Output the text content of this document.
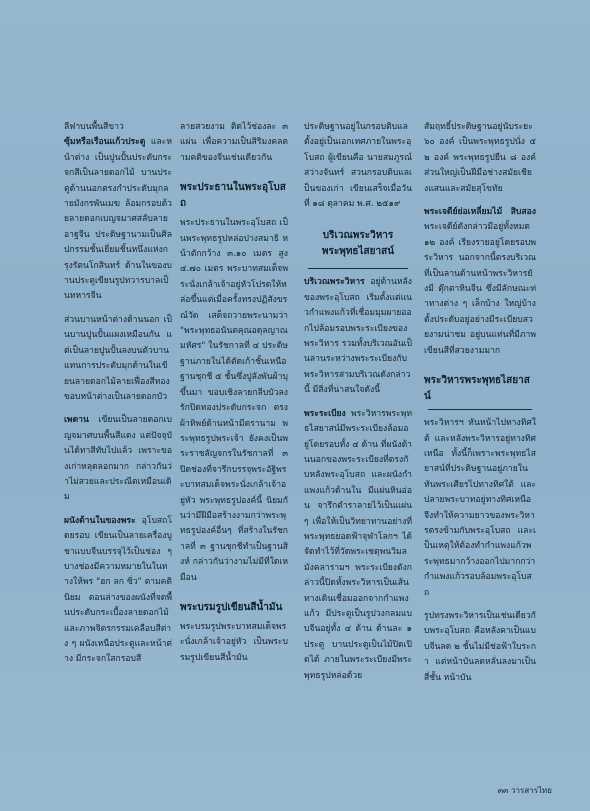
ลีฟาบนพื้นสีขาว

ซุ้มหรือเรือนแก้วประตู และหน้าต่าง เป็นปูนปั้นประดับกระจกสีเป็นลายดอกไม้ บานประตูด้านนอกตรงกำประดับมุกลายมังกรพันเมฆ ล้อมกรอบด้วยลายดอกเบญจมาศสลับลายอาฐจีน ประดิษฐานามเป็นศิลปกรรมชั้นเยี่ยมชิ้นหนึ่งแห่งกรุงรัตนโกสินทร์ ด้านในของบานประตูเขียนรูปทวารบาลเป็นทหารจีน

ส่วนบานหน้าต่างด้านนอก เป็นบานปูนปั้นแผงเหมือนกัน แต่เป็นลายปูนปั้นลงบนตัวบานแทนการประดับมุกด้านในเขียนลายดอกไม้ลายเฟื่องสีทอง ขอบหน้าต่างเป็นลายดอกบัว

เพดาน เขียนเป็นลายดอกเบญจมาศบนพื้นสีแดง แต่ปัจจุบันได้ทาสีทับไปแล้ว เพราะของเก่าหลุดลอกมาก กล่าวกันว่าไม่สวยและประณีตเหมือนเดิม

ผนังด้านในของพระ อุโบสถโดยรอบ เขียนเป็นลายเครื่องบูชาแบบจีนบรรจุไว้เป็นช่อง ๆ บางช่องมีความหมายในในทางให้พร "ฮก ลก ซิ่ว" ตามคตินิยม ตอนล่างของผนังที่จดพื้นประดับกระเบื้องลายดอกไม้และภาพจิตรกรรมเคลือบสีต่าง ๆ ผนังเหนือประตูและหน้าต่าง มีกระจกใสกรอบสี

ลายสวยงาม ติดไว้ช่องละ ๓ แผ่น เพื่อความเป็นสิริมงคลตามคติของจีนเช่นเดียวกัน

พระประธานในพระอุโบสถ

พระประธานในพระอุโบสถ เป็นพระพุทธรูปหล่อปางสมาธิ หน้าตักกว้าง ๓.๑๐ เมตร สูง ๔.๗๐ เมตร พระบาทสมเด็จพระนั่งเกล้าเจ้าอยู่หัวโปรดให้หล่อขึ้นแต่เมื่อครั้งทรงปฏิสังขรณ์วัด เสด็จถวายพระนามว่า "พระพุทธอนันตคุณอดุลญาณมหัศร" ในรัชกาลที่ ๔ ประดิษฐานภายในได้ตัดเก้าชั้นเหนือฐานชุกชี ๕ ชั้นซึ่งปูลังพันผ้าบุขึ้นมา ขอบเชิงลายกลีบบัวลงรักปิดทองประดับกระจก ตรงผ้าทิพย์ด้านหน้ามีตรานาม พระพุทธรูปพระเจ้า ยังคงเป็นพระราชลัญจกรในรัชกาลที่ ๓ ปิดช่องที่จารึกบรรจุพระอัฐิพระบาทสมเด็จพระนั่งเกล้าเจ้าอยู่หัว พระพุทธรูปองค์นี้ นิยมกันว่ามีฝีมือสร้างงามกว่าพระพุทธรูปองค์อื่นๆ ที่สร้างในรัชกาลที่ ๓ ฐานชุกชีทำเป็นฐานสิงห์ กล่าวกันว่างามไม่มีที่ใดเหมือน

พระบรมรูปเขียนสีน้ำมัน

พระบรมรูปพระบาทสมเด็จพระนั่งเกล้าเจ้าอยู่หัว เป็นพระบรมรูปเขียนสีน้ำมัน

ประดิษฐานอยู่ในกรอบติบแลตั้งอยู่เป็นเอกเทศภายในพระอุโบสถ ผู้เขียนคือ นายสมภูรณ์ สว่างจันทร์ สวนกรอบติบแลเป็นของเก่า เขียนเสร็จเมื่อวันที่ ๑๘ ตุลาคม พ.ศ. ๒๕๑๙

บริเวณพระวิหาร
พระพุทธไสยาสน์

บริเวณพระวิหาร อยู่ด้านหลังของพระอุโบสถ เริ่มตั้งแต่แนวกำแพงแก้วที่เชื่อมมุมผายออกไปล้อมรอบพระระเบียงของพระวิหาร รวมทั้งบริเวณอันเป็นลานระหว่างพระระเบียงกับพระวิหารสามบริเวณดังกล่าวนี้ มีสิ่งที่น่าสนใจดังนี้

พระระเบียง พระวิหารพระพุทธไสยาสน์มีพระระเบียงล้อมอยู่โดยรอบทั้ง ๔ ด้าน ที่ผนังด้านนอกของพระระเบียงที่ตรงกับหลังพระอุโบสถ และผนังกำแพงแก้วด้านใน มีแผ่นหินอ่อน จารึกตำราลายไว้เป็นแผ่น ๆ เพื่อให้เป็นวิทยาทานอย่างที่พระพุทธยอดฟ้าจุฬาโลกฯ ได้จัดทำไว้ที่วัดพระเชตุพนวิมลมังคลารามฯ พระระเบียงดังกล่าวนี้ปิดทั้งพระวิหารเป็นเส้นทางเดินเชื่อมออกจากกำแพงแก้ว มีประตูเป็นรูปวงกลมแบบจีนอยู่ทั้ง ๔ ด้าน ด้านละ ๑ ประตู บานประตูเป็นไม้ปิดเปิดได้ ภายในพระระเบียงมีพระพุทธรูปหล่อด้วย

สัมฤทธิ์ประดิษฐานอยู่นับระยะ ๖๐ องค์ เป็นพระพุทธรูปนั่ง ๕๒ องค์ พระพุทธรูปยืน ๘ องค์ ส่วนใหญ่เป็นฝีมือช่างสมัยเชียงแสนและสมัยสุโขทัย

พระเจดีย์ย่อเหลี่ยมไม้ สิบสอง พระเจดีย์ดังกล่าวมีอยู่ทั้งหมด ๑๒ องค์ เรียงรายอยู่โดยรอบพระวิหาร นอกจากนี้ตรงบริเวณที่เป็นลานด้านหน้าพระวิหารยังมี ตุ๊กตาหินจีน ซึ่งมีลักษณะท่าทางต่าง ๆ เล็กบ้าง ใหญ่บ้าง ตั้งประดับอยู่อย่างมีระเบียบสวยงามน่าชม อยู่บนแท่นที่มีภาพเขียนสีที่สวยงามมาก

พระวิหารพระพุทธไสยาสน์

พระวิหารฯ หันหน้าไปทางทิศใต้ และหลังพระวิหารอยู่ทางทิศเหนือ ทั้งนี้ก็เพราะพระพุทธไสยาสน์ที่ประดิษฐานอยู่ภายใน หันพระเศียรไปทางทิศใต้ และปลายพระบาทอยู่ทางทิศเหนือ จึงทำให้ความยาวของพระวิหารตรงข้ามกับพระอุโบสถ และเป็นเหตุให้ต้องทำกำแพงแก้วพระพุทธมากว้างออกไปมากกว่ากำแพงแก้วรอบล้อมพระอุโบสถ

รูปทรงพระวิหารเป็นเช่นเดียวกับพระอุโบสถ คือหลังคาเป็นแบบจีนลด ๒ ชั้นไม่มีช่อฟ้าใบระกา แต่หน้าบันลดหลั่นลงมาเป็นสี่ชั้น หน้าบัน

๓๓ วารสารไทย
